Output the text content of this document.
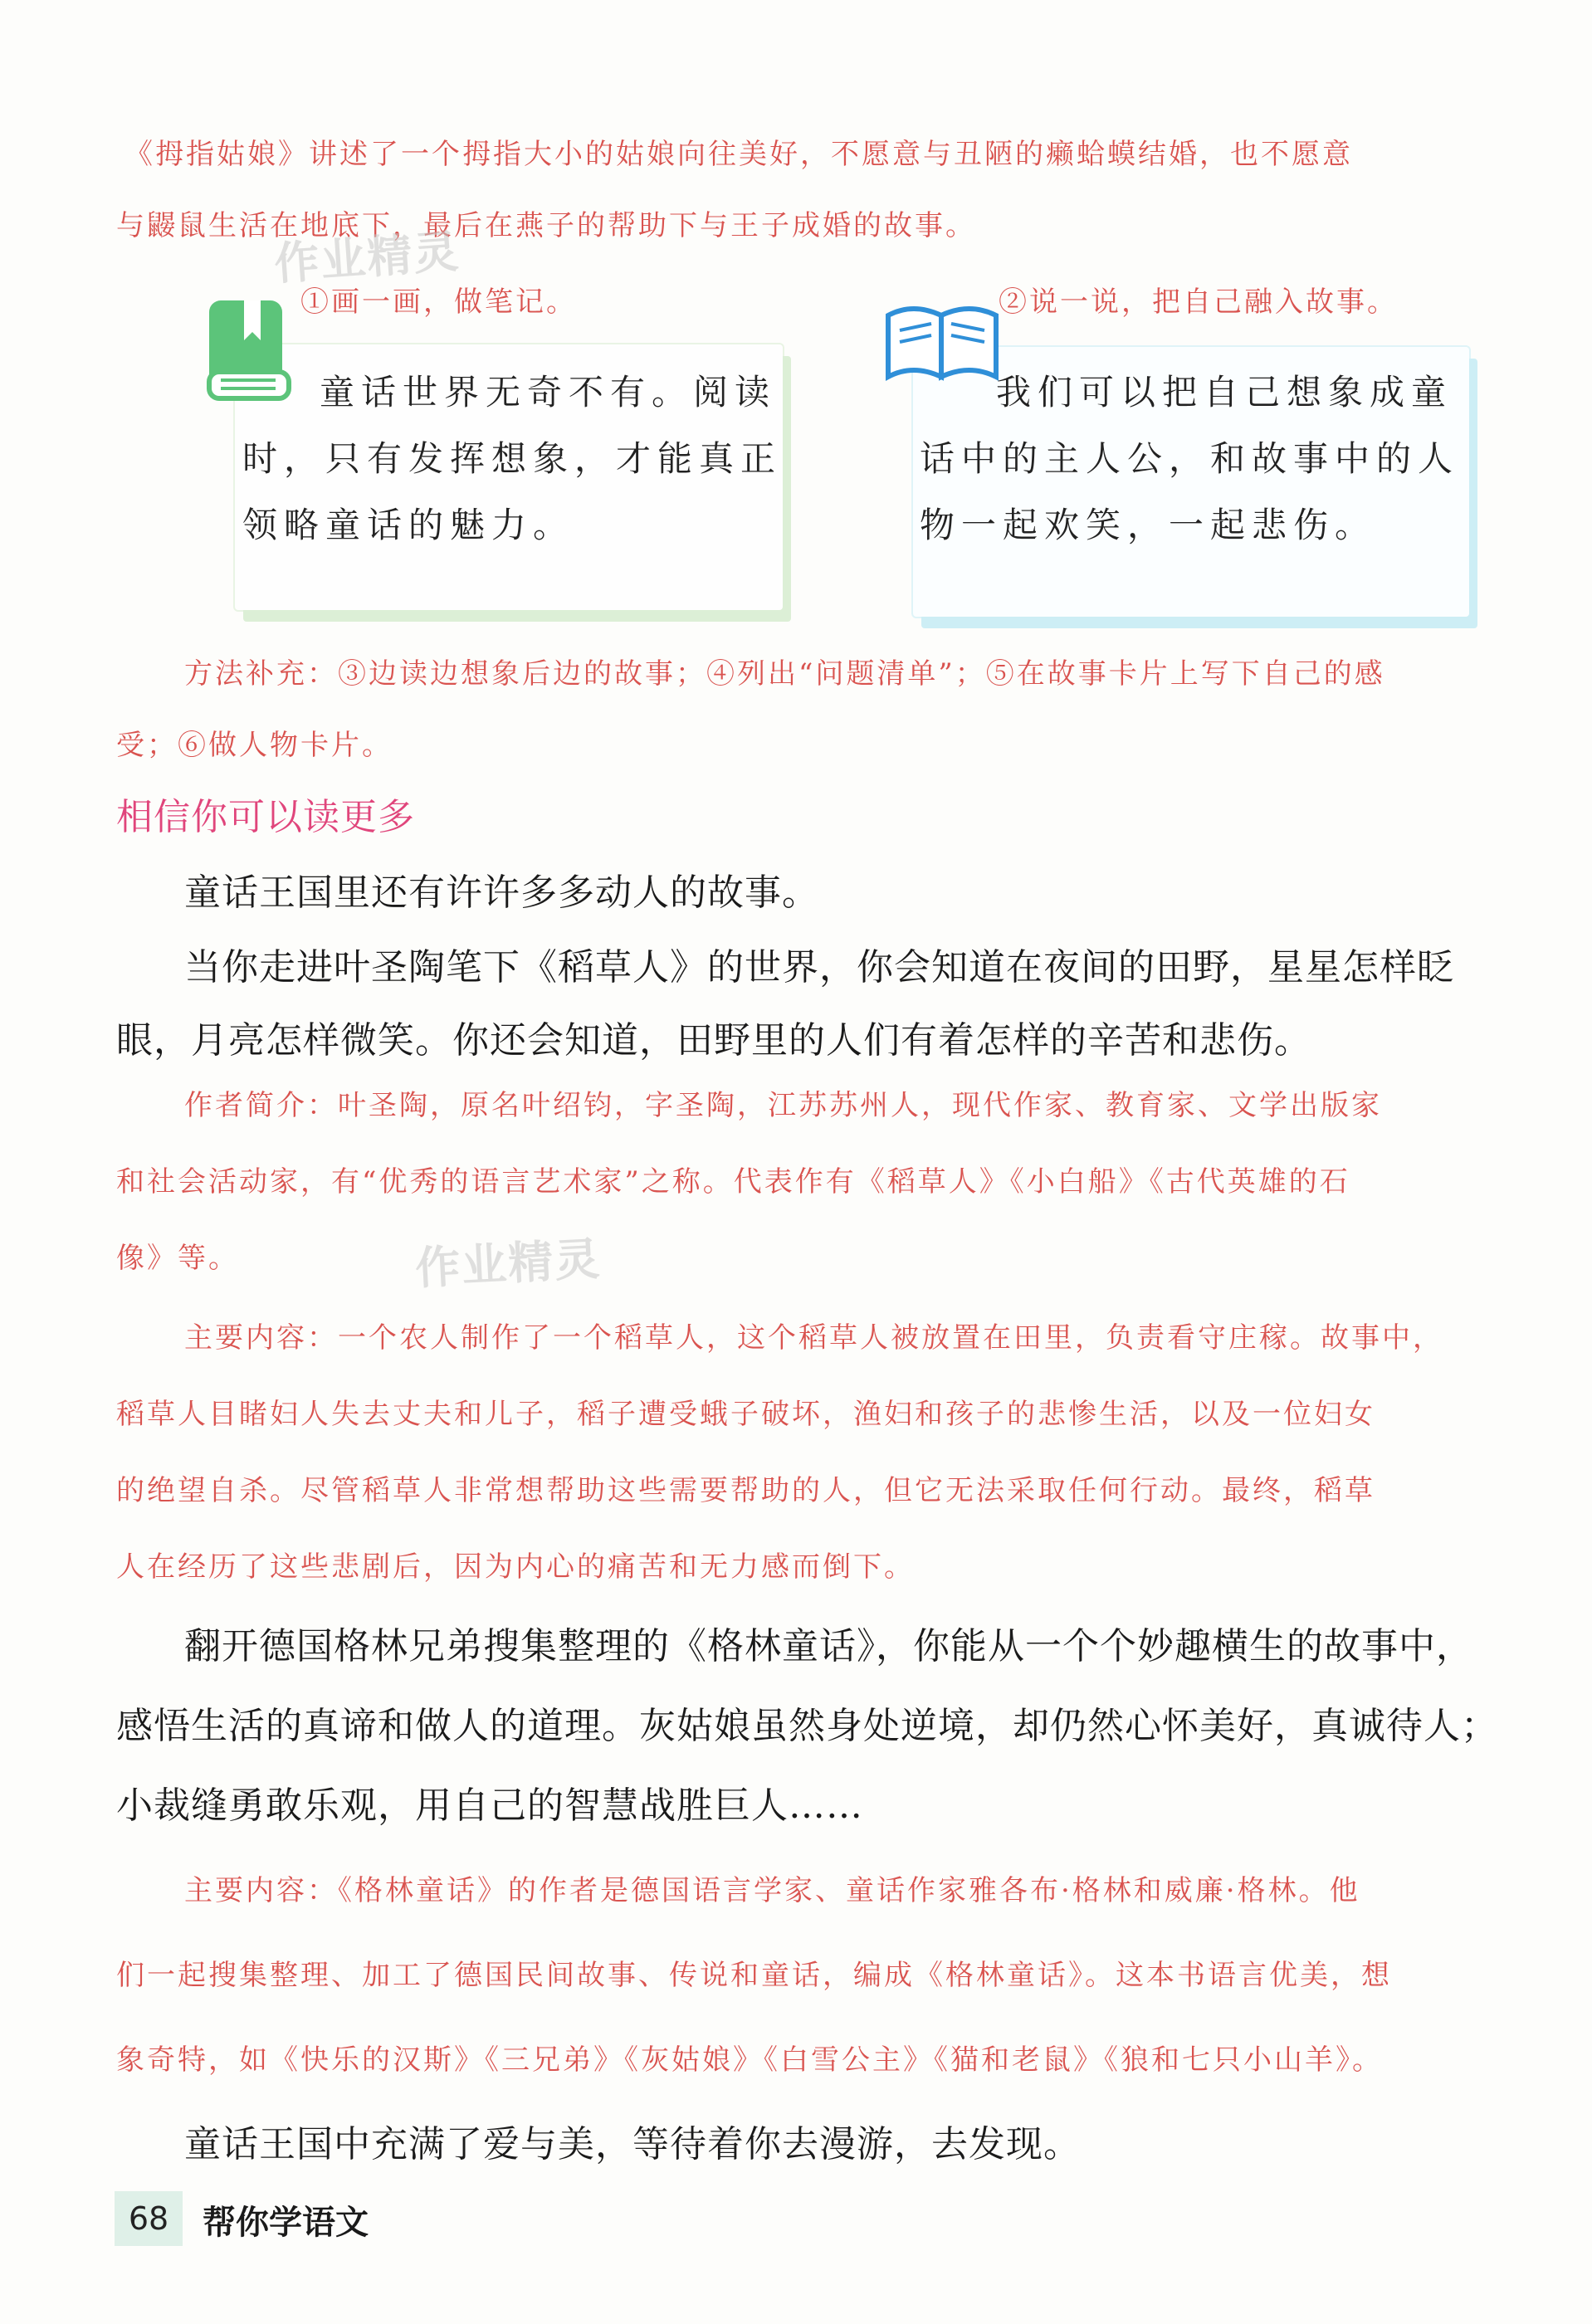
《拇指姑娘》讲述了一个拇指大小的姑娘向往美好，不愿意与丑陋的癞蛤蟆结婚，也不愿意
与鼹鼠生活在地底下，最后在燕子的帮助下与王子成婚的故事。
作业精灵
作业精灵
①画一画，做笔记。
童话世界无奇不有。阅读
时，只有发挥想象，才能真正
领略童话的魅力。
②说一说，把自己融入故事。
我们可以把自己想象成童
话中的主人公，和故事中的人
物一起欢笑，一起悲伤。
方法补充：③边读边想象后边的故事；④列出“问题清单”；⑤在故事卡片上写下自己的感
受；⑥做人物卡片。
相信你可以读更多
童话王国里还有许许多多动人的故事。
当你走进叶圣陶笔下《稻草人》的世界，你会知道在夜间的田野，星星怎样眨
眼，月亮怎样微笑。你还会知道，田野里的人们有着怎样的辛苦和悲伤。
作者简介：叶圣陶，原名叶绍钧，字圣陶，江苏苏州人，现代作家、教育家、文学出版家
和社会活动家，有“优秀的语言艺术家”之称。代表作有《稻草人》《小白船》《古代英雄的石
像》等。
主要内容：一个农人制作了一个稻草人，这个稻草人被放置在田里，负责看守庄稼。故事中，
稻草人目睹妇人失去丈夫和儿子，稻子遭受蛾子破坏，渔妇和孩子的悲惨生活，以及一位妇女
的绝望自杀。尽管稻草人非常想帮助这些需要帮助的人，但它无法采取任何行动。最终，稻草
人在经历了这些悲剧后，因为内心的痛苦和无力感而倒下。
翻开德国格林兄弟搜集整理的《格林童话》，你能从一个个妙趣横生的故事中，
感悟生活的真谛和做人的道理。灰姑娘虽然身处逆境，却仍然心怀美好，真诚待人；
小裁缝勇敢乐观，用自己的智慧战胜巨人……
主要内容：《格林童话》的作者是德国语言学家、童话作家雅各布·格林和威廉·格林。他
们一起搜集整理、加工了德国民间故事、传说和童话，编成《格林童话》。这本书语言优美，想
象奇特，如《快乐的汉斯》《三兄弟》《灰姑娘》《白雪公主》《猫和老鼠》《狼和七只小山羊》。
童话王国中充满了爱与美，等待着你去漫游，去发现。
68	帮你学语文
